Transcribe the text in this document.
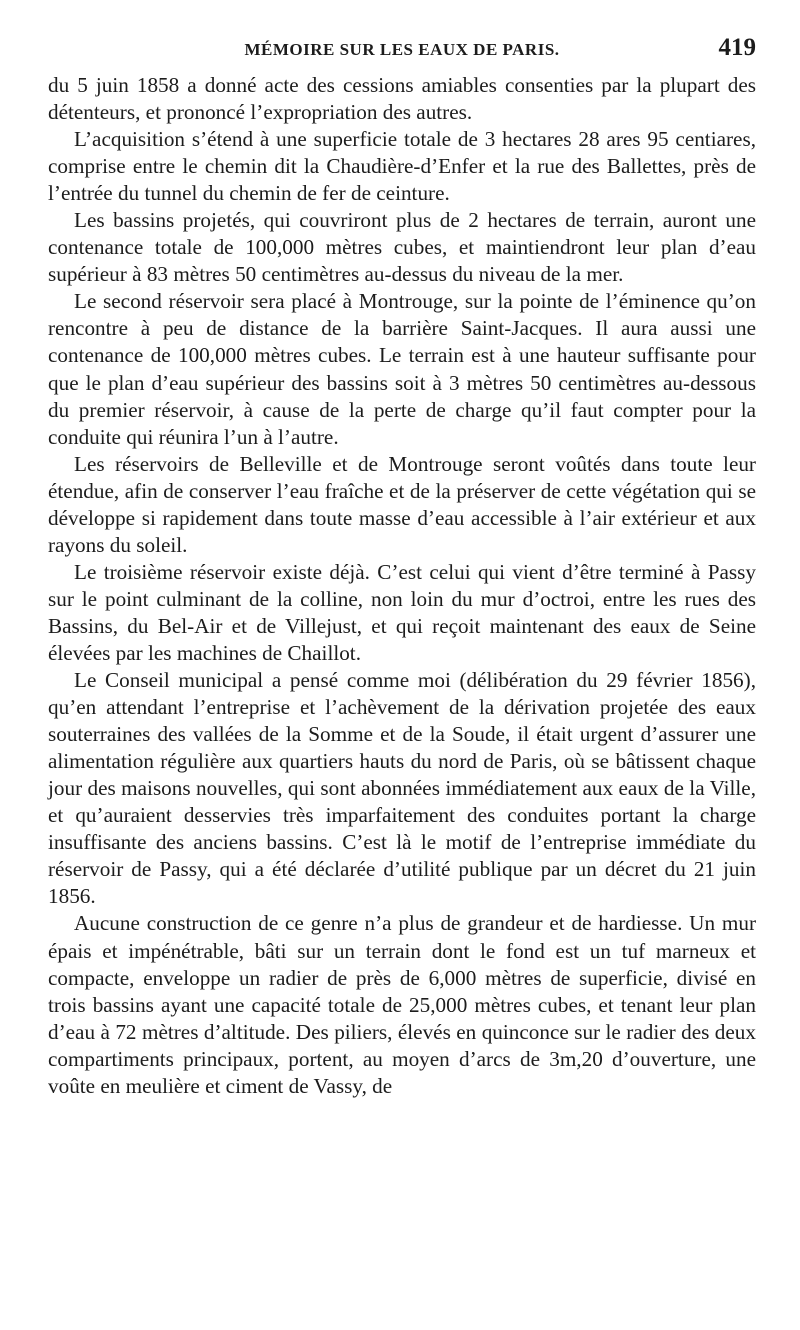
MÉMOIRE SUR LES EAUX DE PARIS.	419

du 5 juin 1858 a donné acte des cessions amiables consenties par la plupart des détenteurs, et prononcé l’expropriation des autres.

L’acquisition s’étend à une superficie totale de 3 hectares 28 ares 95 centiares, comprise entre le chemin dit la Chaudière-d’Enfer et la rue des Ballettes, près de l’entrée du tunnel du chemin de fer de ceinture.

Les bassins projetés, qui couvriront plus de 2 hectares de terrain, auront une contenance totale de 100,000 mètres cubes, et maintiendront leur plan d’eau supérieur à 83 mètres 50 centimètres au-dessus du niveau de la mer.

Le second réservoir sera placé à Montrouge, sur la pointe de l’éminence qu’on rencontre à peu de distance de la barrière Saint-Jacques. Il aura aussi une contenance de 100,000 mètres cubes. Le terrain est à une hauteur suffisante pour que le plan d’eau supérieur des bassins soit à 3 mètres 50 centimètres au-dessous du premier réservoir, à cause de la perte de charge qu’il faut compter pour la conduite qui réunira l’un à l’autre.

Les réservoirs de Belleville et de Montrouge seront voûtés dans toute leur étendue, afin de conserver l’eau fraîche et de la préserver de cette végétation qui se développe si rapidement dans toute masse d’eau accessible à l’air extérieur et aux rayons du soleil.

Le troisième réservoir existe déjà. C’est celui qui vient d’être terminé à Passy sur le point culminant de la colline, non loin du mur d’octroi, entre les rues des Bassins, du Bel-Air et de Villejust, et qui reçoit maintenant des eaux de Seine élevées par les machines de Chaillot.

Le Conseil municipal a pensé comme moi (délibération du 29 février 1856), qu’en attendant l’entreprise et l’achèvement de la dérivation projetée des eaux souterraines des vallées de la Somme et de la Soude, il était urgent d’assurer une alimentation régulière aux quartiers hauts du nord de Paris, où se bâtissent chaque jour des maisons nouvelles, qui sont abonnées immédiatement aux eaux de la Ville, et qu’auraient desservies très imparfaitement des conduites portant la charge insuffisante des anciens bassins. C’est là le motif de l’entreprise immédiate du réservoir de Passy, qui a été déclarée d’utilité publique par un décret du 21 juin 1856.

Aucune construction de ce genre n’a plus de grandeur et de hardiesse. Un mur épais et impénétrable, bâti sur un terrain dont le fond est un tuf marneux et compacte, enveloppe un radier de près de 6,000 mètres de superficie, divisé en trois bassins ayant une capacité totale de 25,000 mètres cubes, et tenant leur plan d’eau à 72 mètres d’altitude. Des piliers, élevés en quinconce sur le radier des deux compartiments principaux, portent, au moyen d’arcs de 3m,20 d’ouverture, une voûte en meulière et ciment de Vassy, de
